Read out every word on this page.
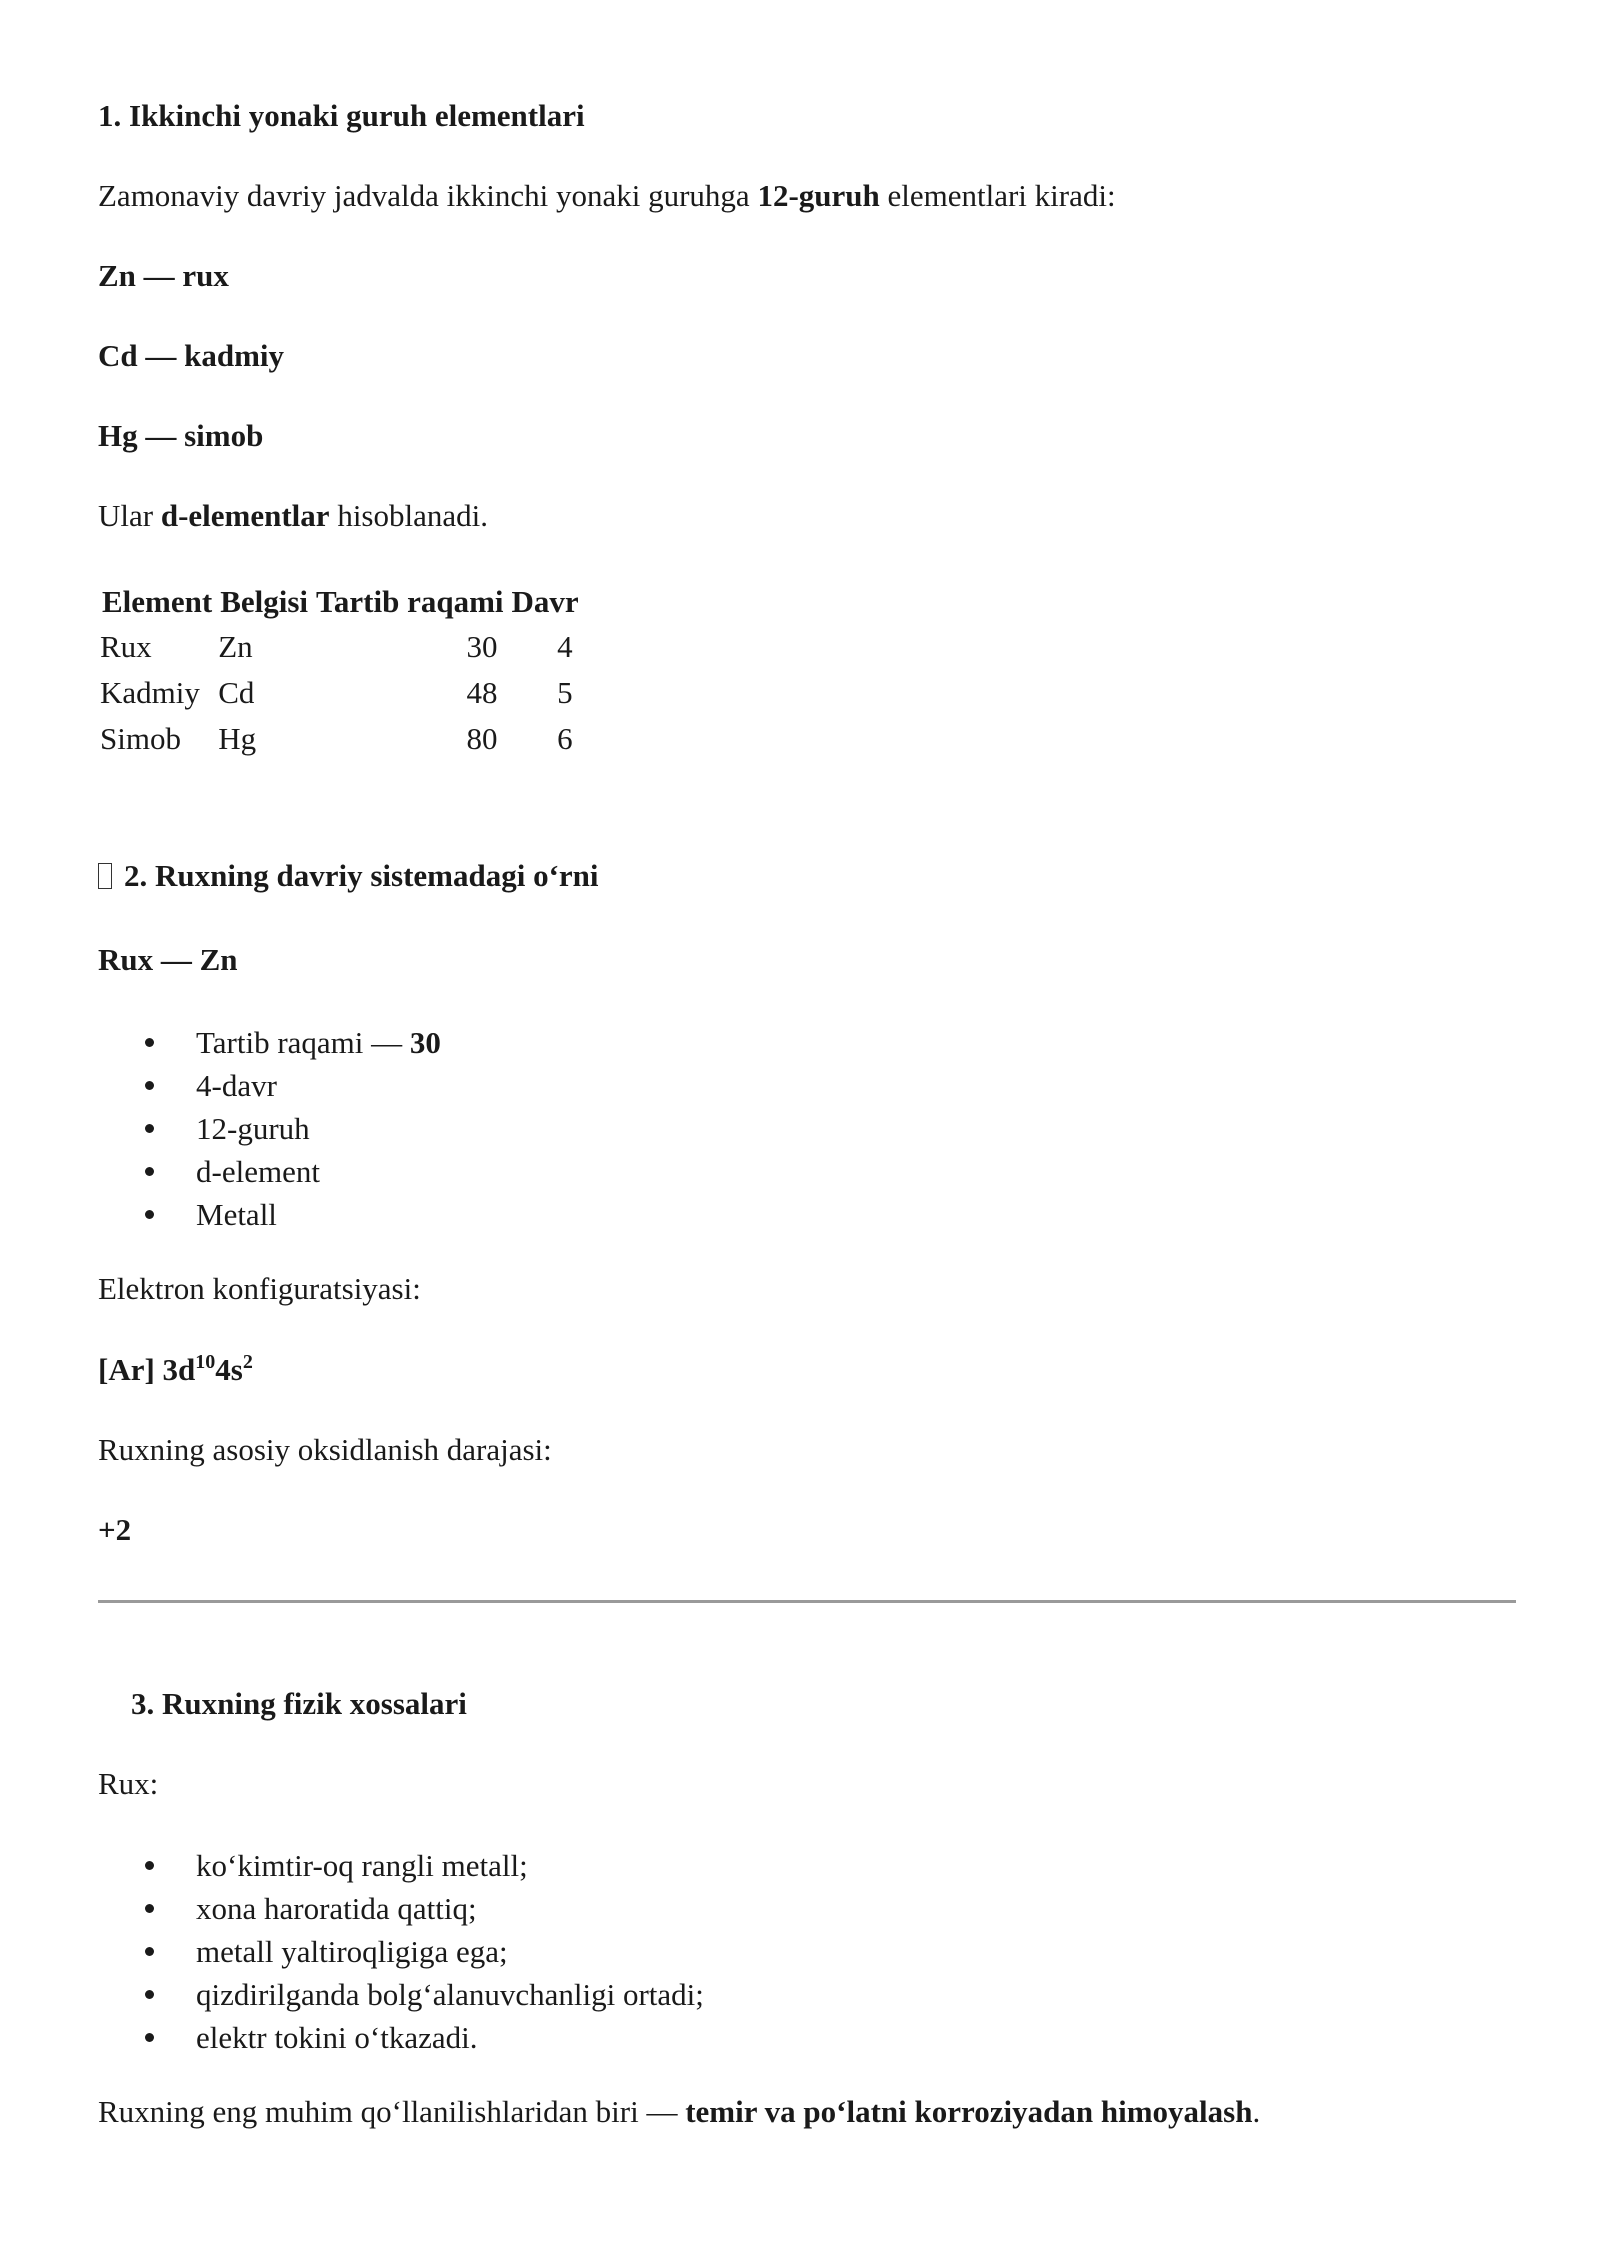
1. Ikkinchi yonaki guruh elementlari
Zamonaviy davriy jadvalda ikkinchi yonaki guruhga 12-guruh elementlari kiradi:
Zn — rux
Cd — kadmiy
Hg — simob
Ular d-elementlar hisoblanadi.
Element	Belgisi	Tartib raqami	Davr
Rux	Zn	30	4
Kadmiy	Cd	48	5
Simob	Hg	80	6
2. Ruxning davriy sistemadagi o‘rni
Rux — Zn
Tartib raqami — 30
4-davr
12-guruh
d-element
Metall
Elektron konfiguratsiyasi:
[Ar] $3d^{10}4s^2$
Ruxning asosiy oksidlanish darajasi:
+2
3. Ruxning fizik xossalari
Rux:
ko‘kimtir-oq rangli metall;
xona haroratida qattiq;
metall yaltiroqligiga ega;
qizdirilganda bolg‘alanuvchanligi ortadi;
elektr tokini o‘tkazadi.
Ruxning eng muhim qo‘llanilishlaridan biri — temir va po‘latni korroziyadan himoyalash.
